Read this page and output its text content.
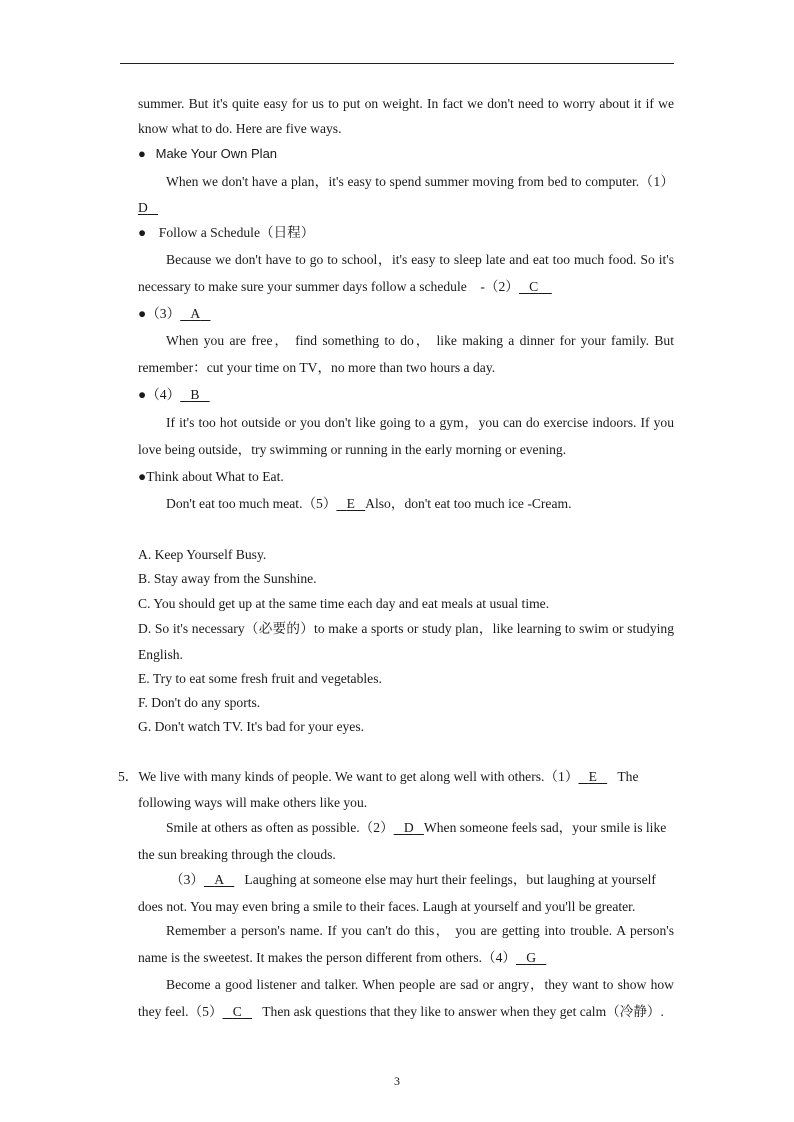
summer. But it's quite easy for us to put on weight. In fact we don't need to worry about it if we
know what to do. Here are five ways.
● Make Your Own Plan
When we don't have a plan，it's easy to spend summer moving from bed to computer.（1）
D
● Follow a Schedule（日程）
Because we don't have to go to school，it's easy to sleep late and eat too much food. So it's
necessary to make sure your summer days follow a schedule　-（2） C
●（3） A
When you are free， find something to do， like making a dinner for your family. But
remember：cut your time on TV，no more than two hours a day.
●（4） B
If it's too hot outside or you don't like going to a gym，you can do exercise indoors. If you
love being outside，try swimming or running in the early morning or evening.
●Think about What to Eat.
Don't eat too much meat.（5） E Also，don't eat too much ice -Cream.
A. Keep Yourself Busy.
B. Stay away from the Sunshine.
C. You should get up at the same time each day and eat meals at usual time.
D. So it's necessary（必要的）to make a sports or study plan，like learning to swim or studying
English.
E. Try to eat some fresh fruit and vegetables.
F. Don't do any sports.
G. Don't watch TV. It's bad for your eyes.
5．We live with many kinds of people. We want to get along well with others.（1） E The
following ways will make others like you.
Smile at others as often as possible.（2） D When someone feels sad，your smile is like
the sun breaking through the clouds.
（3） A Laughing at someone else may hurt their feelings，but laughing at yourself
does not. You may even bring a smile to their faces. Laugh at yourself and you'll be greater.
Remember a person's name. If you can't do this， you are getting into trouble. A person's
name is the sweetest. It makes the person different from others.（4） G
Become a good listener and talker. When people are sad or angry，they want to show how
they feel.（5） C Then ask questions that they like to answer when they get calm（冷静）.
3
